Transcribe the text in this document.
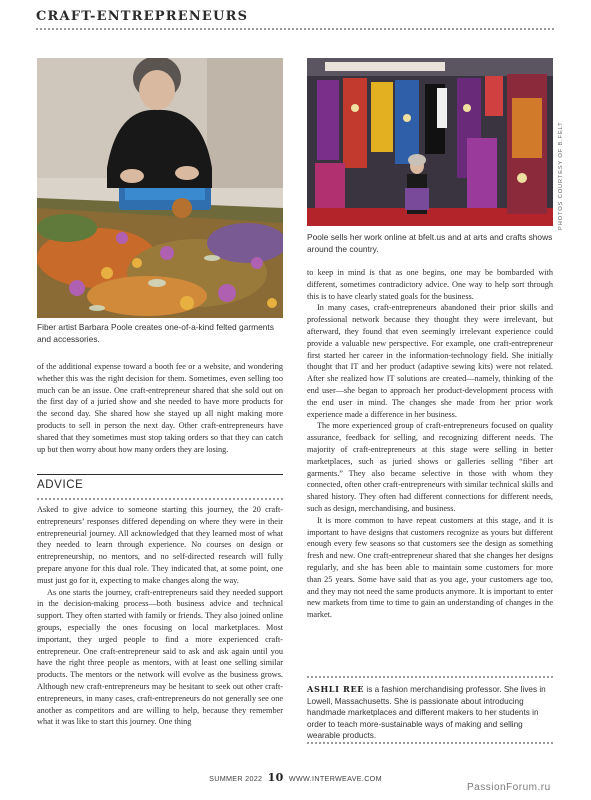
CRAFT-ENTREPRENEURS

Fiber artist Barbara Poole creates one-of-a-kind felted garments and accessories.

PHOTOS COURTESY OF B.FELT

Poole sells her work online at bfelt.us and at arts and crafts shows around the country.

of the additional expense toward a booth fee or a website, and wondering whether this was the right decision for them. Sometimes, even selling too much can be an issue. One craft-entrepreneur shared that she sold out on the first day of a juried show and she needed to have more products for the second day. She shared how she stayed up all night making more products to sell in person the next day. Other craft-entrepreneurs have shared that they sometimes must stop taking orders so that they can catch up but then worry about how many orders they are losing.

ADVICE

Asked to give advice to someone starting this journey, the 20 craft-entrepreneurs’ responses differed depending on where they were in their entrepreneurial journey. All acknowledged that they learned most of what they needed to learn through experience. No courses on design or entrepreneurship, no mentors, and no self-directed research will fully prepare anyone for this dual role. They indicated that, at some point, one must just go for it, expecting to make changes along the way.

As one starts the journey, craft-entrepreneurs said they needed support in the decision-making process—both business advice and technical support. They often started with family or friends. They also joined online groups, especially the ones focusing on local marketplaces. Most important, they urged people to find a more experienced craft-entrepreneur. One craft-entrepreneur said to ask and ask again until you have the right three people as mentors, with at least one selling similar products. The mentors or the network will evolve as the business grows. Although new craft-entrepreneurs may be hesitant to seek out other craft-entrepreneurs, in many cases, craft-entrepreneurs do not generally see one another as competitors and are willing to help, because they remember what it was like to start this journey. One thing

to keep in mind is that as one begins, one may be bombarded with different, sometimes contradictory advice. One way to help sort through this is to have clearly stated goals for the business.

In many cases, craft-entrepreneurs abandoned their prior skills and professional network because they thought they were irrelevant, but afterward, they found that even seemingly irrelevant experience could provide a valuable new perspective. For example, one craft-entrepreneur first started her career in the information-technology field. She initially thought that IT and her product (adaptive sewing kits) were not related. After she realized how IT solutions are created—namely, thinking of the end user—she began to approach her product-development process with the end user in mind. The changes she made from her prior work experience made a difference in her business.

The more experienced group of craft-entrepreneurs focused on quality assurance, feedback for selling, and recognizing different needs. The majority of craft-entrepreneurs at this stage were selling in better marketplaces, such as juried shows or galleries selling “fiber art garments.” They also became selective in those with whom they connected, often other craft-entrepreneurs with similar technical skills and shared history. They often had different connections for different needs, such as design, merchandising, and business.

It is more common to have repeat customers at this stage, and it is important to have designs that customers recognize as yours but different enough every few seasons so that customers see the design as something fresh and new. One craft-entrepreneur shared that she changes her designs regularly, and she has been able to maintain some customers for more than 25 years. Some have said that as you age, your customers age too, and they may not need the same products anymore. It is important to enter new markets from time to time to gain an understanding of changes in the market.

ASHLI REE is a fashion merchandising professor. She lives in Lowell, Massachusetts. She is passionate about introducing handmade marketplaces and different makers to her students in order to teach more-sustainable ways of making and selling wearable products.

SUMMER 2022 10 WWW.INTERWEAVE.COM
PassionForum.ru
